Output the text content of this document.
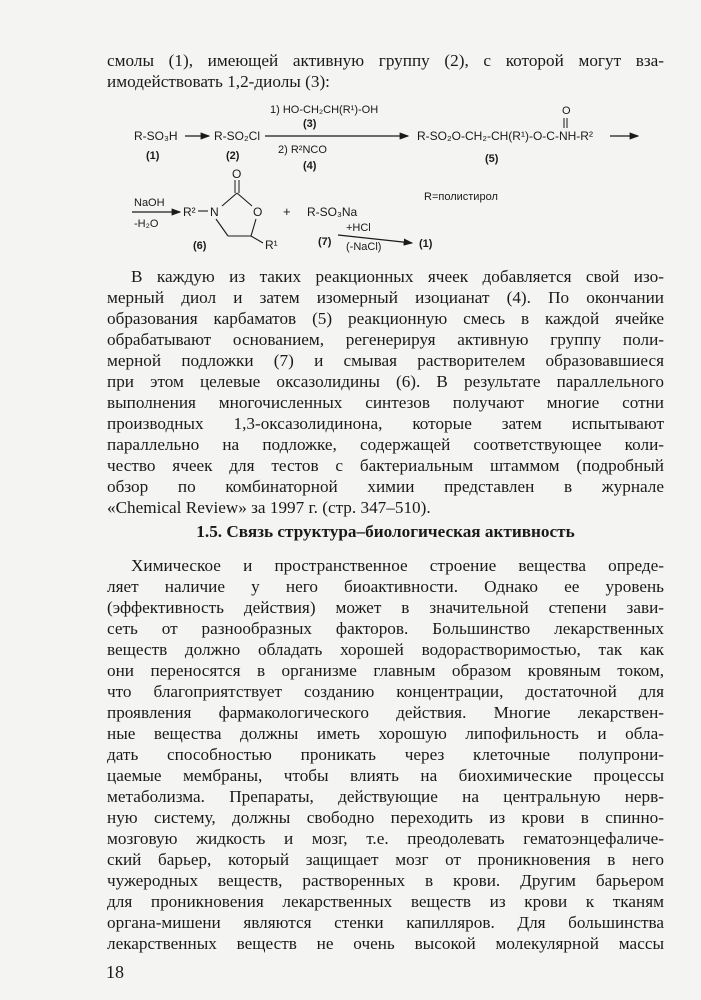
смолы (1), имеющей активную группу (2), с которой могут вза-
имодействовать 1,2-диолы (3):
R-SO₃H
(1)
R-SO₂Cl
(2)
1) HO-CH₂CH(R¹)-OH
(3)
2) R²NCO
(4)
O
R-SO₂O-CH₂-CH(R¹)-O-C-NH-R²
(5)
NaOH
-H₂O
R² N
O
O
R¹
(6)
+ R-SO₃Na
+HCl
(7) (-NaCl)	(1)
R=полистирол
В каждую из таких реакционных ячеек добавляется свой изо-
мерный диол и затем изомерный изоцианат (4). По окончании
образования карбаматов (5) реакционную смесь в каждой ячейке
обрабатывают основанием, регенерируя активную группу поли-
мерной подложки (7) и смывая растворителем образовавшиеся
при этом целевые оксазолидины (6). В результате параллельного
выполнения многочисленных синтезов получают многие сотни
производных 1,3-оксазолидинона, которые затем испытывают
параллельно на подложке, содержащей соответствующее коли-
чество ячеек для тестов с бактериальным штаммом (подробный
обзор по комбинаторной химии представлен в журнале
«Chemical Review» за 1997 г. (стр. 347–510).
1.5. Связь структура–биологическая активность
Химическое и пространственное строение вещества опреде-
ляет наличие у него биоактивности. Однако ее уровень
(эффективность действия) может в значительной степени зави-
сеть от разнообразных факторов. Большинство лекарственных
веществ должно обладать хорошей водорастворимостью, так как
они переносятся в организме главным образом кровяным током,
что благоприятствует созданию концентрации, достаточной для
проявления фармакологического действия. Многие лекарствен-
ные вещества должны иметь хорошую липофильность и обла-
дать способностью проникать через клеточные полупрони-
цаемые мембраны, чтобы влиять на биохимические процессы
метаболизма. Препараты, действующие на центральную нерв-
ную систему, должны свободно переходить из крови в спинно-
мозговую жидкость и мозг, т.е. преодолевать гематоэнцефаличе-
ский барьер, который защищает мозг от проникновения в него
чужеродных веществ, растворенных в крови. Другим барьером
для проникновения лекарственных веществ из крови к тканям
органа-мишени являются стенки капилляров. Для большинства
лекарственных веществ не очень высокой молекулярной массы
18
